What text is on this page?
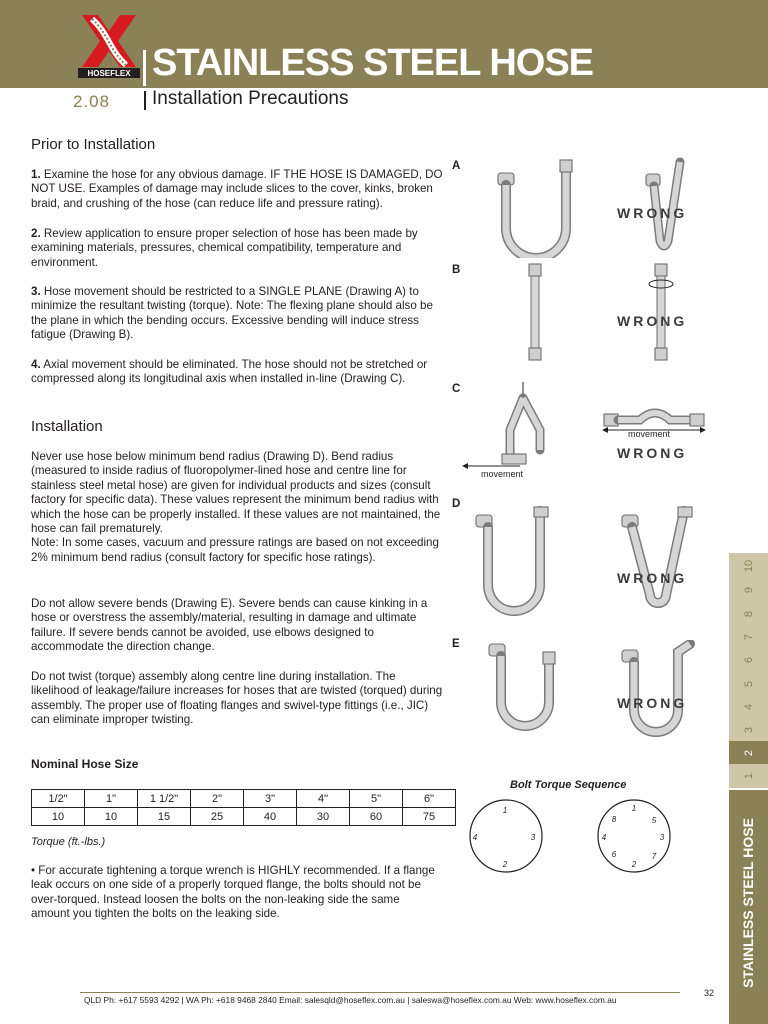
HOSEFLEX STAINLESS STEEL HOSE
2.08 Installation Precautions
Prior to Installation

1. Examine the hose for any obvious damage. IF THE HOSE IS DAMAGED, DO NOT USE. Examples of damage may include slices to the cover, kinks, broken braid, and crushing of the hose (can reduce life and pressure rating).

2. Review application to ensure proper selection of hose has been made by examining materials, pressures, chemical compatibility, temperature and environment.

3. Hose movement should be restricted to a SINGLE PLANE (Drawing A) to minimize the resultant twisting (torque). Note: The flexing plane should also be the plane in which the bending occurs. Excessive bending will induce stress fatigue (Drawing B).

4. Axial movement should be eliminated. The hose should not be stretched or compressed along its longitudinal axis when installed in-line (Drawing C).

Installation

Never use hose below minimum bend radius (Drawing D). Bend radius (measured to inside radius of fluoropolymer-lined hose and centre line for stainless steel metal hose) are given for individual products and sizes (consult factory for specific data). These values represent the minimum bend radius with which the hose can be properly installed. If these values are not maintained, the hose can fail prematurely.
Note: In some cases, vacuum and pressure ratings are based on not exceeding 2% minimum bend radius (consult factory for specific hose ratings).

Do not allow severe bends (Drawing E). Severe bends can cause kinking in a hose or overstress the assembly/material, resulting in damage and ultimate failure. If severe bends cannot be avoided, use elbows designed to accommodate the direction change.

Do not twist (torque) assembly along centre line during installation. The likelihood of leakage/failure increases for hoses that are twisted (torqued) during assembly. The proper use of floating flanges and swivel-type fittings (i.e., JIC) can eliminate improper twisting.

Nominal Hose Size
1/2"	1"	1 1/2"	2"	3"	4"	5"	6"
10	10	15	25	40	30	60	75
Torque (ft.-lbs.)

• For accurate tightening a torque wrench is HIGHLY recommended. If a flange leak occurs on one side of a properly torqued flange, the bolts should not be over-torqued. Instead loosen the bolts on the non-leaking side the same amount you tighten the bolts on the leaking side.

A
B
C
D
E
WRONG
WRONG
movement
movement
WRONG
WRONG
WRONG
Bolt Torque Sequence
1
2
3
4
1
2
3
4
5
6	7
8
10
9
8
7
6
5
4
3
2
1
STAINLESS STEEL HOSE
QLD Ph: +617 5593 4292 | WA Ph: +618 9468 2840 Email: salesqld@hoseflex.com.au | saleswa@hoseflex.com.au Web: www.hoseflex.com.au
32
